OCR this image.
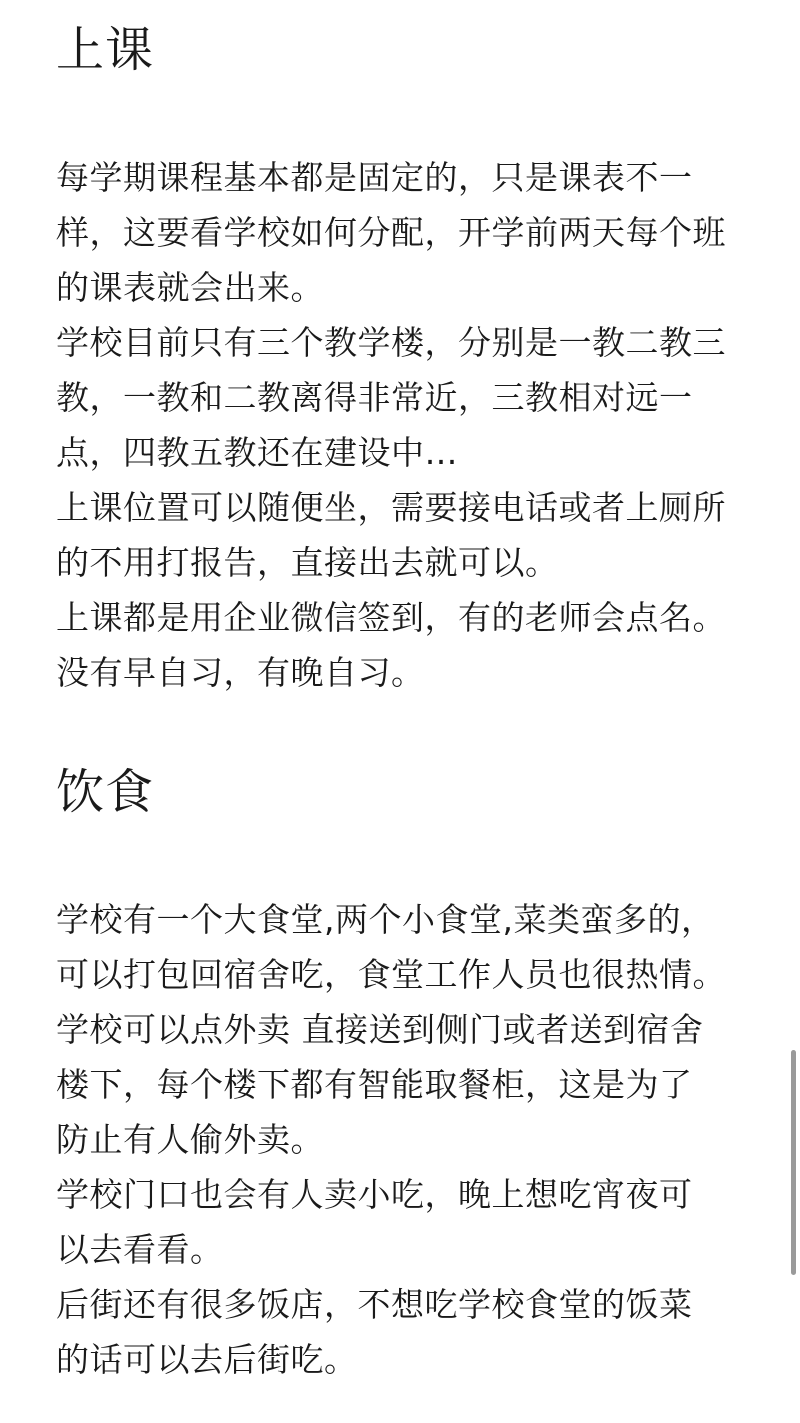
上课

每学期课程基本都是固定的，只是课表不一
样，这要看学校如何分配，开学前两天每个班
的课表就会出来。

学校目前只有三个教学楼，分别是一教二教三
教，一教和二教离得非常近，三教相对远一
点，四教五教还在建设中…

上课位置可以随便坐，需要接电话或者上厕所
的不用打报告，直接出去就可以。

上课都是用企业微信签到，有的老师会点名。

没有早自习，有晚自习。

饮食

学校有一个大食堂,两个小食堂,菜类蛮多的，
可以打包回宿舍吃，食堂工作人员也很热情。

学校可以点外卖 直接送到侧门或者送到宿舍
楼下，每个楼下都有智能取餐柜，这是为了
防止有人偷外卖。

学校门口也会有人卖小吃，晚上想吃宵夜可
以去看看。

后街还有很多饭店，不想吃学校食堂的饭菜
的话可以去后街吃。
